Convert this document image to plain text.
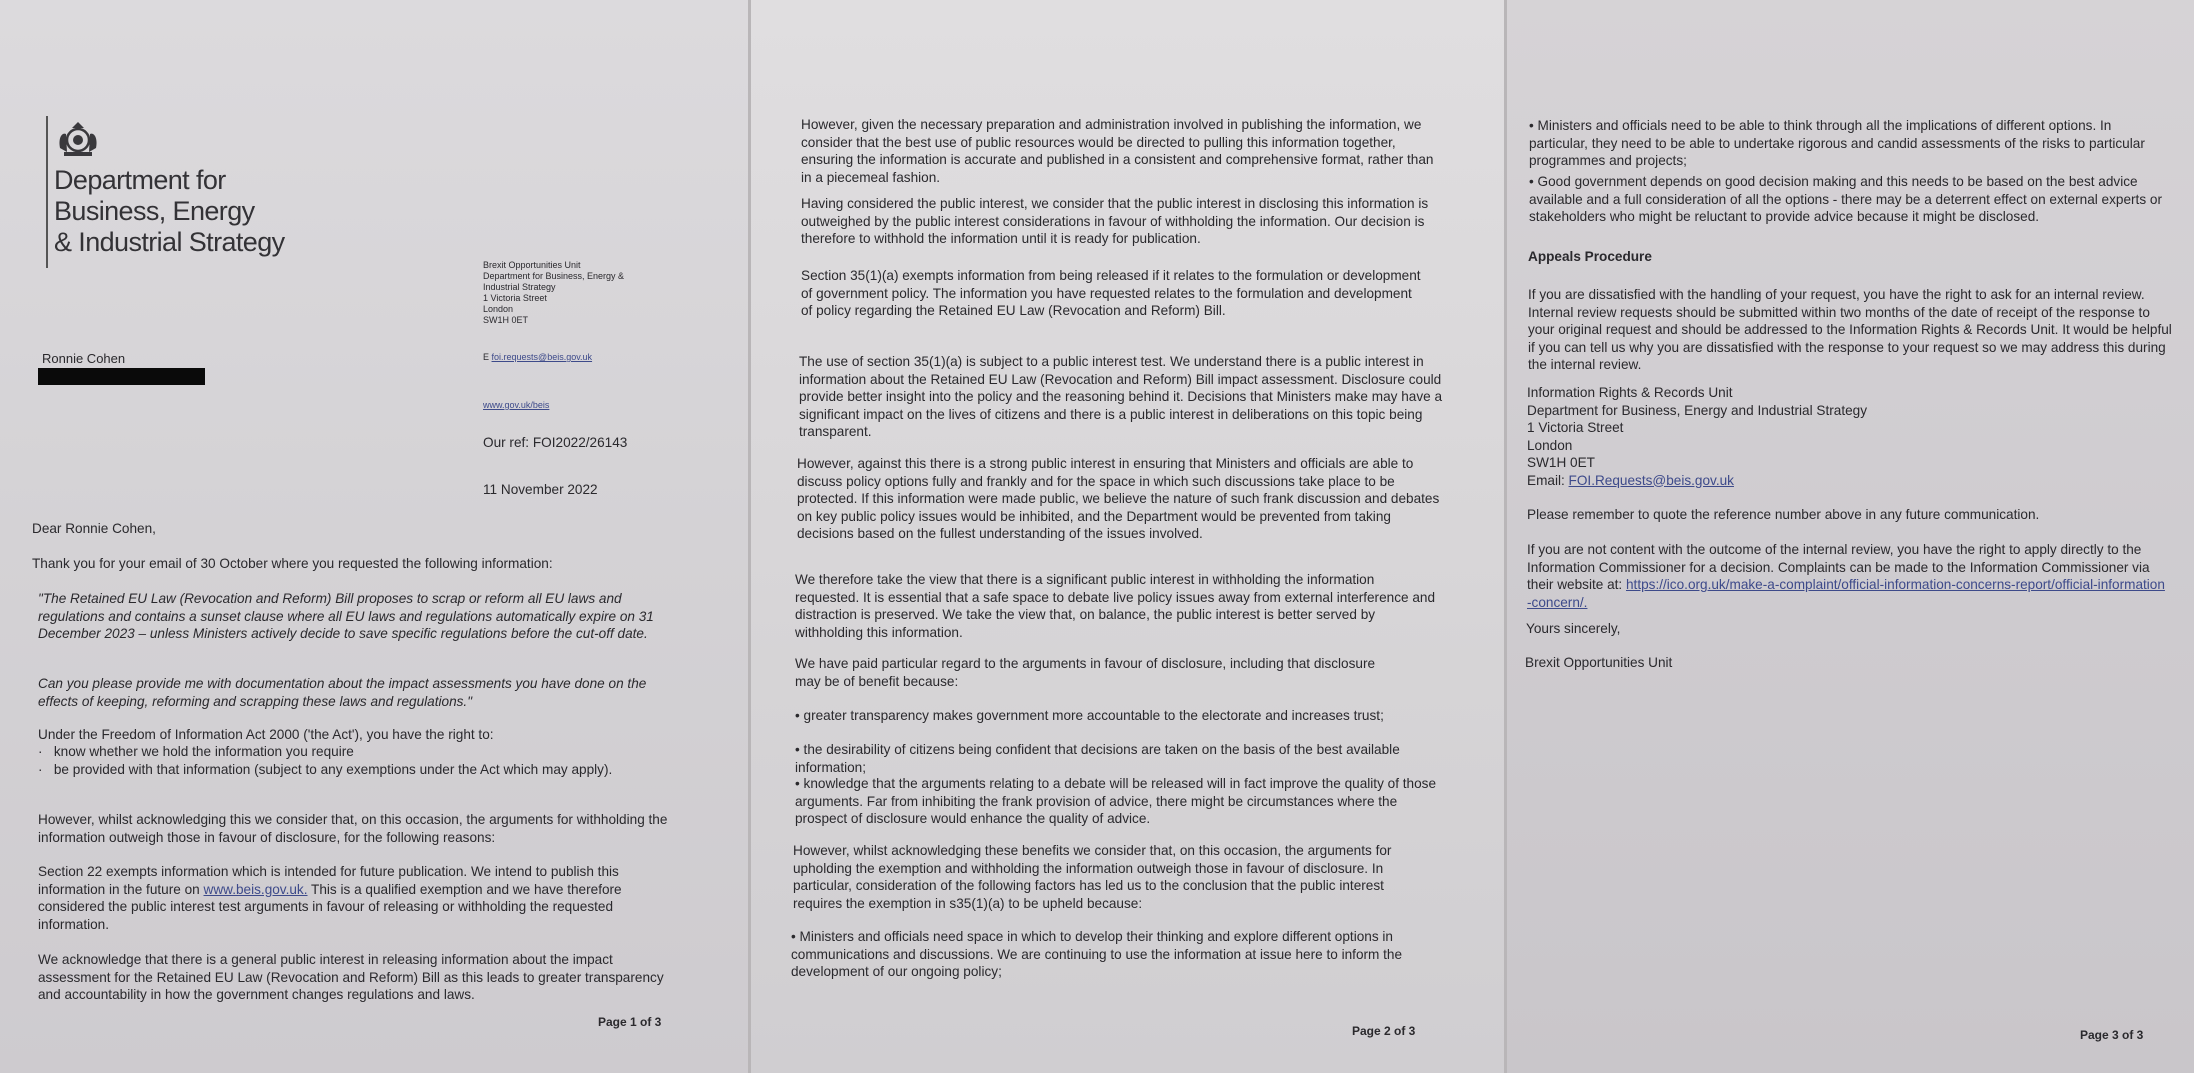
Department for
Business, Energy
& Industrial Strategy
Brexit Opportunities Unit
Department for Business, Energy &
Industrial Strategy
1 Victoria Street
London
SW1H 0ET
E foi.requests@beis.gov.uk
www.gov.uk/beis
Ronnie Cohen
Our ref: FOI2022/26143
11 November 2022
Dear Ronnie Cohen,
Thank you for your email of 30 October where you requested the following information:
"The Retained EU Law (Revocation and Reform) Bill proposes to scrap or reform all EU laws and regulations and contains a sunset clause where all EU laws and regulations automatically expire on 31 December 2023 – unless Ministers actively decide to save specific regulations before the cut-off date.
Can you please provide me with documentation about the impact assessments you have done on the effects of keeping, reforming and scrapping these laws and regulations."
Under the Freedom of Information Act 2000 ('the Act'), you have the right to:
·   know whether we hold the information you require
·   be provided with that information (subject to any exemptions under the Act which may apply).
However, whilst acknowledging this we consider that, on this occasion, the arguments for withholding the information outweigh those in favour of disclosure, for the following reasons:
Section 22 exempts information which is intended for future publication. We intend to publish this information in the future on www.beis.gov.uk. This is a qualified exemption and we have therefore considered the public interest test arguments in favour of releasing or withholding the requested information.
We acknowledge that there is a general public interest in releasing information about the impact assessment for the Retained EU Law (Revocation and Reform) Bill as this leads to greater transparency and accountability in how the government changes regulations and laws.
Page 1 of 3
However, given the necessary preparation and administration involved in publishing the information, we consider that the best use of public resources would be directed to pulling this information together, ensuring the information is accurate and published in a consistent and comprehensive format, rather than in a piecemeal fashion.
Having considered the public interest, we consider that the public interest in disclosing this information is outweighed by the public interest considerations in favour of withholding the information. Our decision is therefore to withhold the information until it is ready for publication.
Section 35(1)(a) exempts information from being released if it relates to the formulation or development of government policy. The information you have requested relates to the formulation and development of policy regarding the Retained EU Law (Revocation and Reform) Bill.
The use of section 35(1)(a) is subject to a public interest test. We understand there is a public interest in information about the Retained EU Law (Revocation and Reform) Bill impact assessment. Disclosure could provide better insight into the policy and the reasoning behind it. Decisions that Ministers make may have a significant impact on the lives of citizens and there is a public interest in deliberations on this topic being transparent.
However, against this there is a strong public interest in ensuring that Ministers and officials are able to discuss policy options fully and frankly and for the space in which such discussions take place to be protected. If this information were made public, we believe the nature of such frank discussion and debates on key public policy issues would be inhibited, and the Department would be prevented from taking decisions based on the fullest understanding of the issues involved.
We therefore take the view that there is a significant public interest in withholding the information requested. It is essential that a safe space to debate live policy issues away from external interference and distraction is preserved. We take the view that, on balance, the public interest is better served by withholding this information.
We have paid particular regard to the arguments in favour of disclosure, including that disclosure may be of benefit because:
• greater transparency makes government more accountable to the electorate and increases trust;
• the desirability of citizens being confident that decisions are taken on the basis of the best available information;
• knowledge that the arguments relating to a debate will be released will in fact improve the quality of those arguments. Far from inhibiting the frank provision of advice, there might be circumstances where the prospect of disclosure would enhance the quality of advice.
However, whilst acknowledging these benefits we consider that, on this occasion, the arguments for upholding the exemption and withholding the information outweigh those in favour of disclosure. In particular, consideration of the following factors has led us to the conclusion that the public interest requires the exemption in s35(1)(a) to be upheld because:
• Ministers and officials need space in which to develop their thinking and explore different options in communications and discussions. We are continuing to use the information at issue here to inform the development of our ongoing policy;
Page 2 of 3
• Ministers and officials need to be able to think through all the implications of different options. In particular, they need to be able to undertake rigorous and candid assessments of the risks to particular programmes and projects;
• Good government depends on good decision making and this needs to be based on the best advice available and a full consideration of all the options - there may be a deterrent effect on external experts or stakeholders who might be reluctant to provide advice because it might be disclosed.
Appeals Procedure
If you are dissatisfied with the handling of your request, you have the right to ask for an internal review. Internal review requests should be submitted within two months of the date of receipt of the response to your original request and should be addressed to the Information Rights & Records Unit. It would be helpful if you can tell us why you are dissatisfied with the response to your request so we may address this during the internal review.
Information Rights & Records Unit
Department for Business, Energy and Industrial Strategy
1 Victoria Street
London
SW1H 0ET
Email: FOI.Requests@beis.gov.uk
Please remember to quote the reference number above in any future communication.
If you are not content with the outcome of the internal review, you have the right to apply directly to the Information Commissioner for a decision. Complaints can be made to the Information Commissioner via their website at: https://ico.org.uk/make-a-complaint/official-information-concerns-report/official-information-concern/.
Yours sincerely,
Brexit Opportunities Unit
Page 3 of 3
